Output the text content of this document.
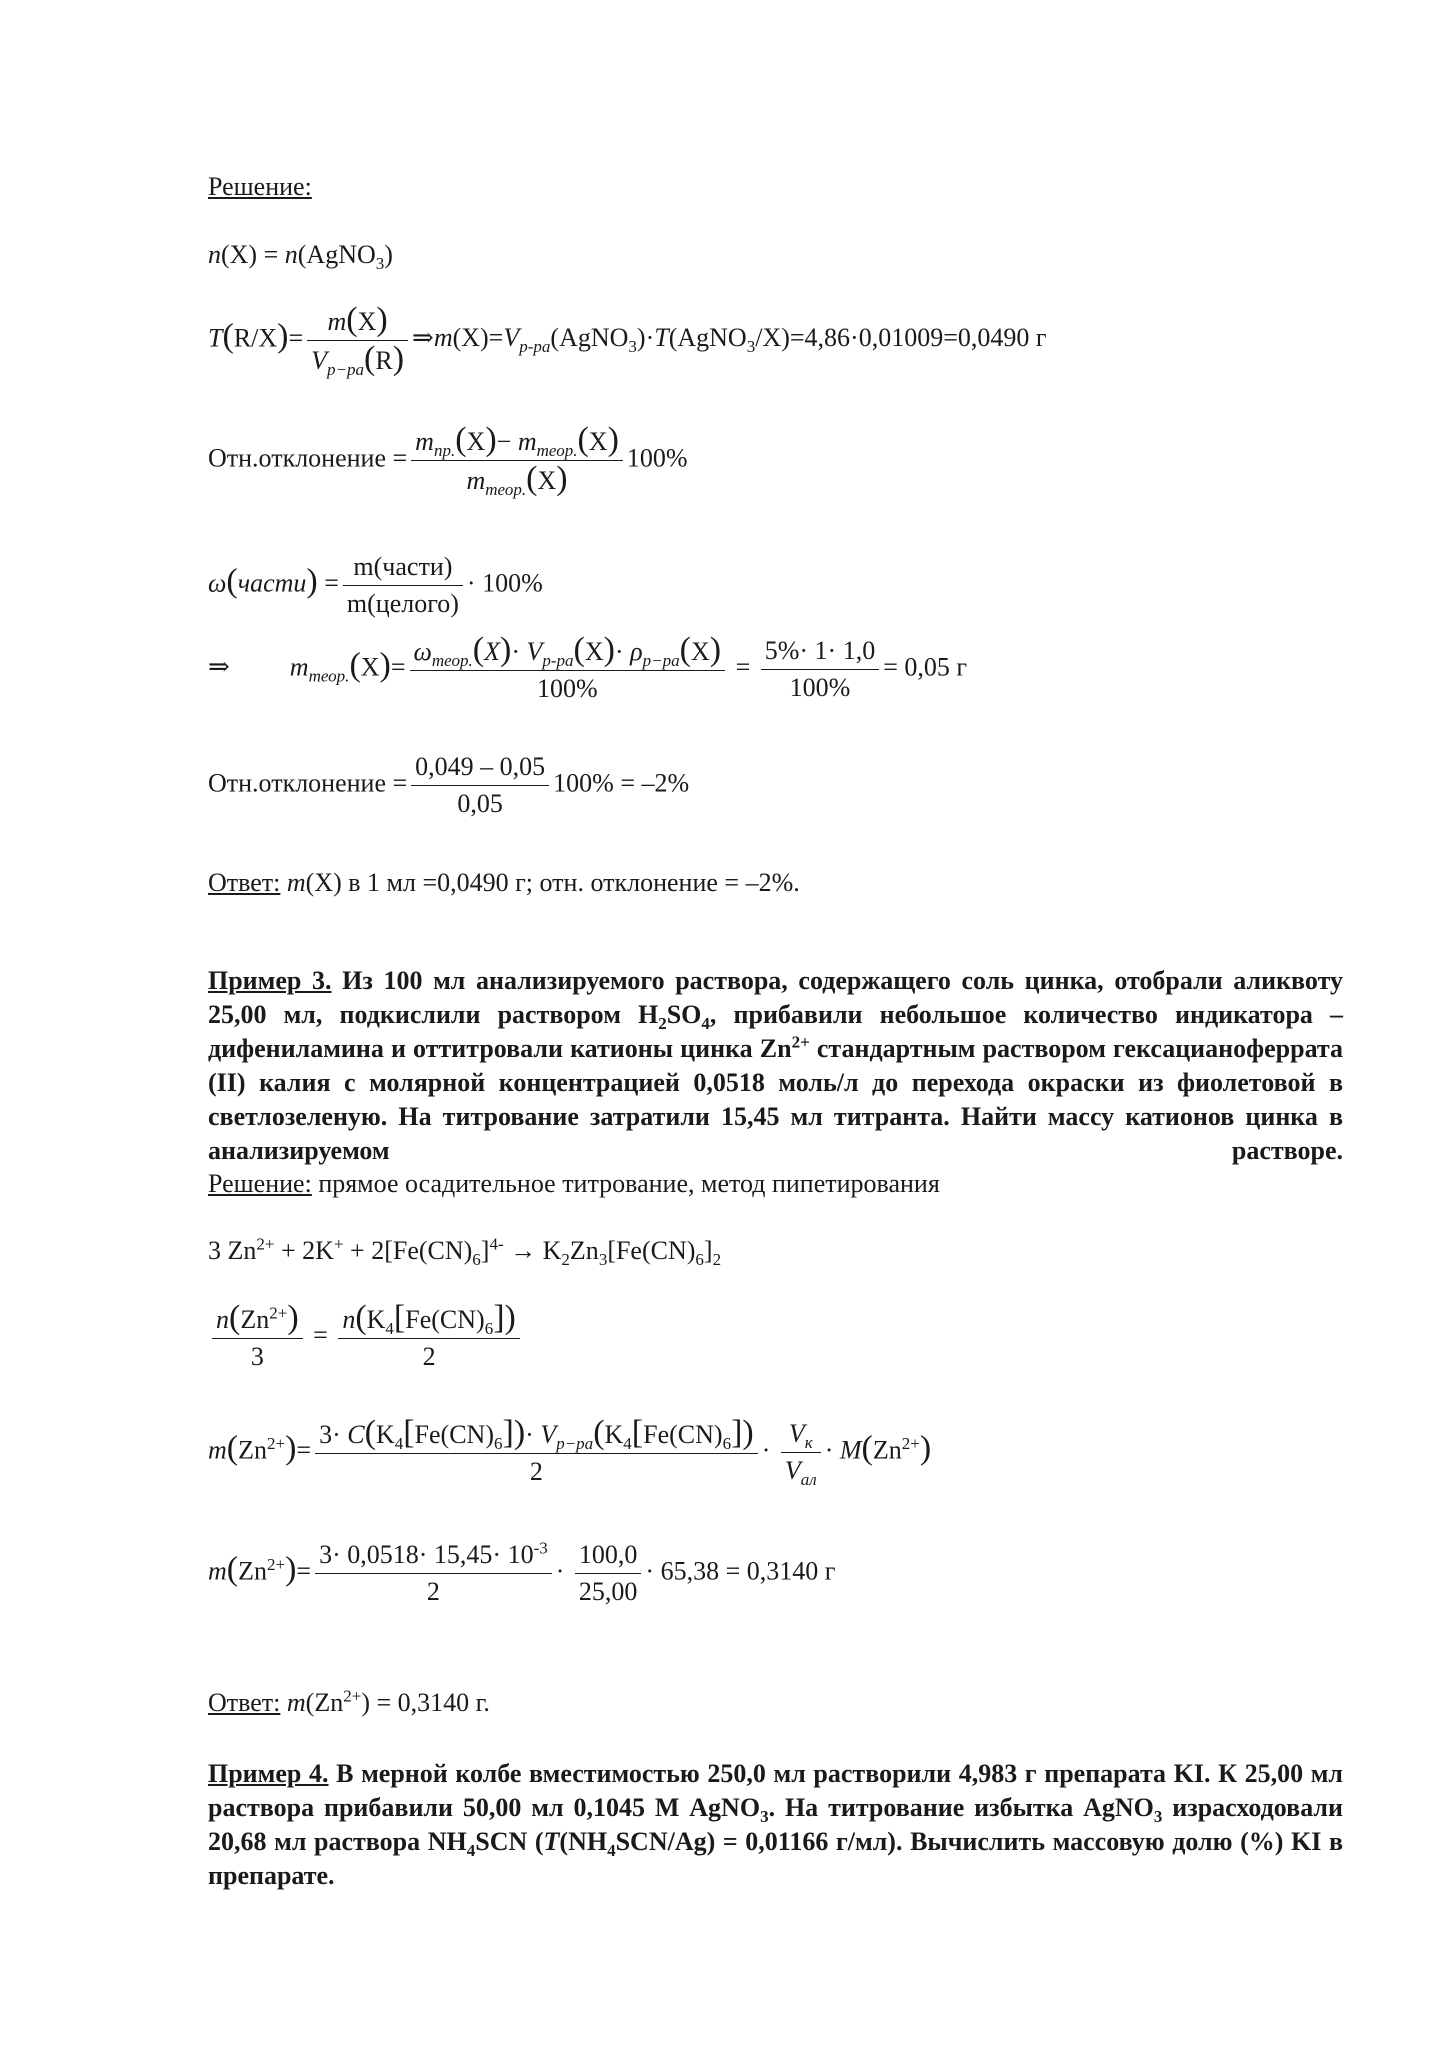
Решение:
n(X) = n(AgNO$_3$)
$T(R/X)= \frac{m(X)}{V_{р-ра}(R)}$ $\Rightarrow m(X)=V_{р-ра}(AgNO_3)\cdot T(AgNO_3/X)=4,86\cdot 0,01009=0,0490$ г
Отн.отклонение = $\frac{m_{пр.}(X)- m_{теор.}(X)}{m_{теор.}(X)} 100\%$
ω(части) = $\frac{\text{m(части)}}{\text{m(целого)}} \cdot 100\%$
⇒ $m_{теор.}(X)= \frac{\omega_{теор.}(X)\cdot V_{р-ра}(X)\cdot \rho_{р-ра}(X)}{100\%} = \frac{5\%\cdot 1\cdot 1,0}{100\%} = 0,05$ г
Отн.отклонение = $\frac{0,049 - 0,05}{0,05} 100\% = -2\%$
Ответ: m(X) в 1 мл =0,0490 г; отн. отклонение = –2%.
Пример 3. Из 100 мл анализируемого раствора, содержащего соль цинка, отобрали аликвоту 25,00 мл, подкислили раствором $H_2SO_4$, прибавили небольшое количество индикатора – дифениламина и оттитровали катионы цинка $Zn^{2+}$ стандартным раствором гексацианоферрата (II) калия с молярной концентрацией 0,0518 моль/л до перехода окраски из фиолетовой в светлозеленую. На титрование затратили 15,45 мл титранта. Найти массу катионов цинка в анализируемом растворе.
Решение: прямое осадительное титрование, метод пипетирования
3 $Zn^{2+} + 2K^+ + 2[Fe(CN)_6]^{4-} \to K_2Zn_3[Fe(CN)_6]_2$
$\frac{n(Zn^{2+})}{3} = \frac{n(K_4[Fe(CN)_6])}{2}$
$m(Zn^{2+})= \frac{3\cdot C(K_4[Fe(CN)_6])\cdot V_{р-ра}(K_4[Fe(CN)_6])}{2} \cdot \frac{V_к}{V_{ал}} \cdot M(Zn^{2+})$
$m(Zn^{2+})= \frac{3\cdot 0,0518\cdot 15,45\cdot 10^{-3}}{2} \cdot \frac{100,0}{25,00} \cdot 65,38 = 0,3140$ г
Ответ: $m(Zn^{2+}) = 0,3140$ г.
Пример 4. В мерной колбе вместимостью 250,0 мл растворили 4,983 г препарата KI. К 25,00 мл раствора прибавили 50,00 мл 0,1045 М AgNO$_3$. На титрование избытка AgNO$_3$ израсходовали 20,68 мл раствора $NH_4SCN$ ($T(NH_4SCN/Ag) = 0,01166$ г/мл). Вычислить массовую долю (%) KI в препарате.
